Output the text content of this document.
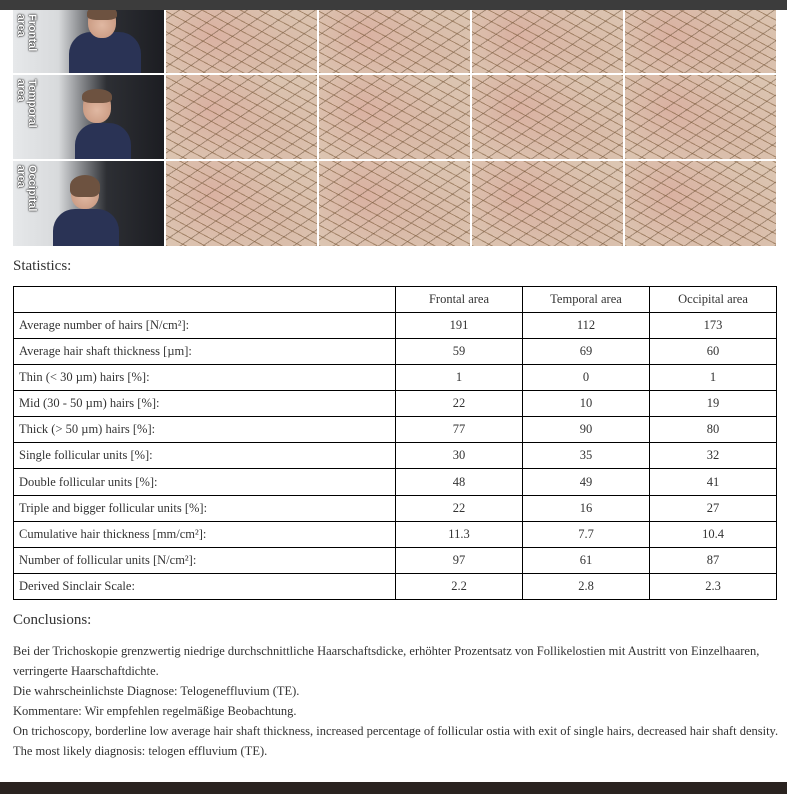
Frontal
area
Temporal
area
Occipital
area
Statistics:
	Frontal area	Temporal area	Occipital area
Average number of hairs [N/cm²]:	191	112	173
Average hair shaft thickness [µm]:	59	69	60
Thin (< 30 µm) hairs [%]:	1	0	1
Mid (30 - 50 µm) hairs [%]:	22	10	19
Thick (> 50 µm) hairs [%]:	77	90	80
Single follicular units [%]:	30	35	32
Double follicular units [%]:	48	49	41
Triple and bigger follicular units [%]:	22	16	27
Cumulative hair thickness [mm/cm²]:	11.3	7.7	10.4
Number of follicular units [N/cm²]:	97	61	87
Derived Sinclair Scale:	2.2	2.8	2.3
Conclusions:

Bei der Trichoskopie grenzwertig niedrige durchschnittliche Haarschaftsdicke, erhöhter Prozentsatz von Follikelostien mit Austritt von Einzelhaaren, verringerte Haarschaftdichte.

Die wahrscheinlichste Diagnose: Telogeneffluvium (TE).

Kommentare: Wir empfehlen regelmäßige Beobachtung.

On trichoscopy, borderline low average hair shaft thickness, increased percentage of follicular ostia with exit of single hairs, decreased hair shaft density.

The most likely diagnosis: telogen effluvium (TE).
